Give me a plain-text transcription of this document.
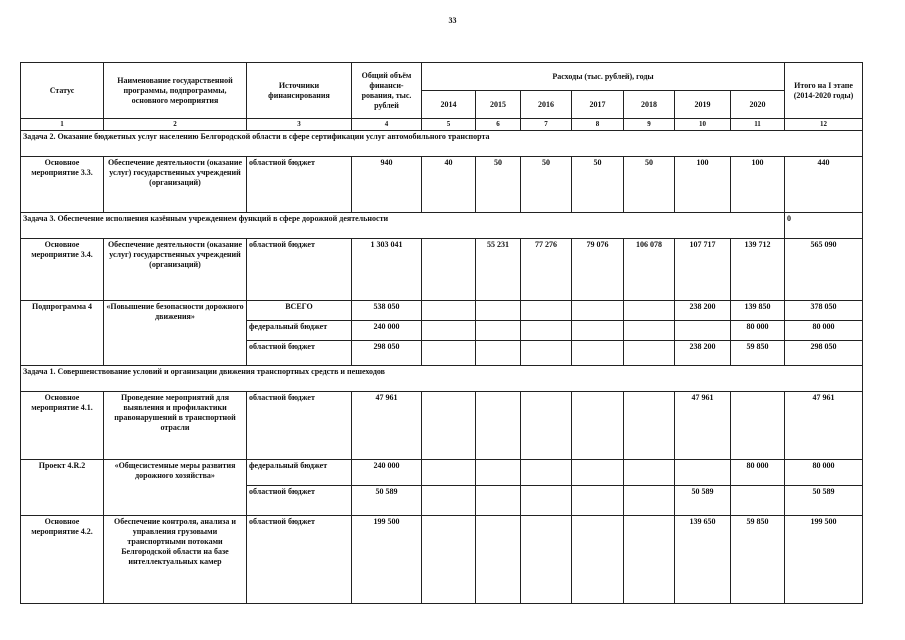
33
Статус	Наименование государственной программы, подпрограммы, основного мероприятия	Источники финансирования	Общий объём финанси- рования, тыс. рублей	Расходы (тыс. рублей), годы							Итого на I этапе (2014-2020 годы)
				2014	2015	2016	2017	2018	2019	2020	
1	2	3	4	5	6	7	8	9	10	11	12
Задача 2. Оказание бюджетных услуг населению Белгородской области в сфере сертификации услуг автомобильного транспорта											
Основное мероприятие 3.3.	Обеспечение деятельности (оказание услуг) государственных учреждений (организаций)	областной бюджет	940	40	50	50	50	50	100	100	440
Задача 3. Обеспечение исполнения казённым учреждением функций в сфере дорожной деятельности											0
Основное мероприятие 3.4.	Обеспечение деятельности (оказание услуг) государственных учреждений (организаций)	областной бюджет	1 303 041		55 231	77 276	79 076	106 078	107 717	139 712	565 090
Подпрограмма 4	«Повышение безопасности дорожного движения»	ВСЕГО	538 050						238 200	139 850	378 050
		федеральный бюджет	240 000							80 000	80 000
		областной бюджет	298 050						238 200	59 850	298 050
Задача 1. Совершенствование условий и организации движения транспортных средств и пешеходов											
Основное мероприятие 4.1.	Проведение мероприятий для выявления и профилактики правонарушений в транспортной отрасли	областной бюджет	47 961						47 961		47 961
Проект 4.R.2	«Общесистемные меры развития дорожного хозяйства»	федеральный бюджет	240 000							80 000	80 000
		областной бюджет	50 589						50 589		50 589
Основное мероприятие 4.2.	Обеспечение контроля, анализа и управления грузовыми транспортными потоками Белгородской области на базе интеллектуальных камер	областной бюджет	199 500						139 650	59 850	199 500
